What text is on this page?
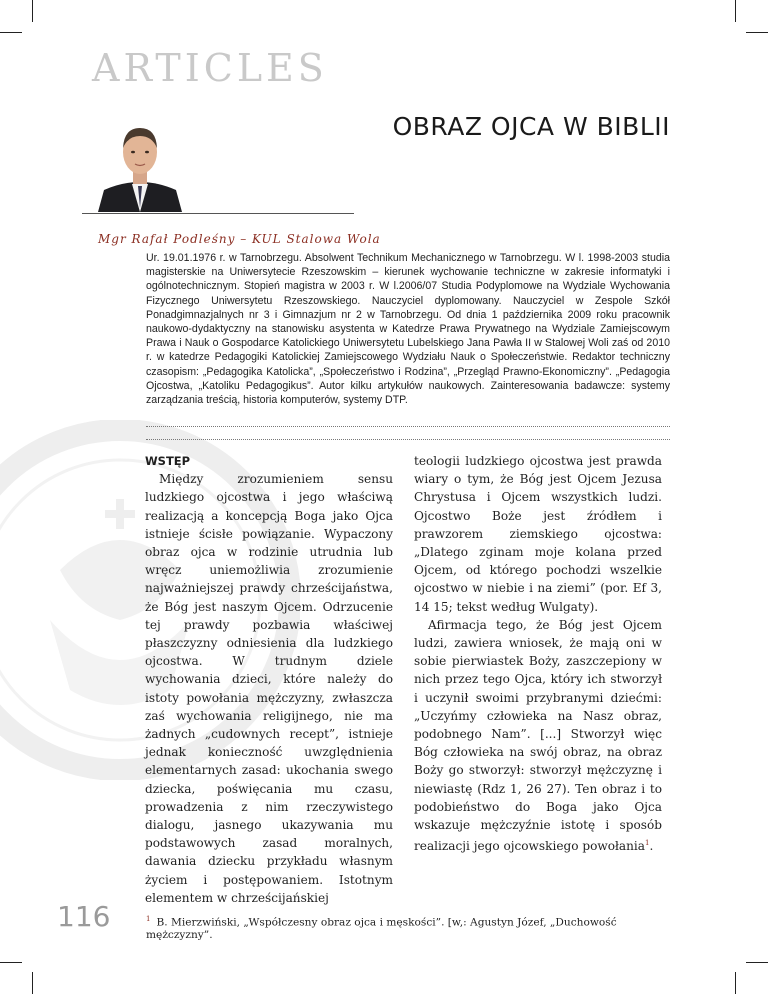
ARTICLES
OBRAZ OJCA W BIBLII
Mgr Rafał Podleśny – KUL Stalowa Wola
Ur. 19.01.1976 r. w Tarnobrzegu. Absolwent Technikum Mechanicznego w Tarnobrzegu. W l. 1998-2003 studia magisterskie na Uniwersytecie Rzeszowskim – kierunek wychowanie techniczne w zakresie informatyki i ogólnotechnicznym. Stopień magistra w 2003 r. W l.2006/07 Studia Podyplomowe na Wydziale Wychowania Fizycznego Uniwersytetu Rzeszowskiego. Nauczyciel dyplomowany. Nauczyciel w Zespole Szkół Ponadgimnazjalnych nr 3 i Gimnazjum nr 2 w Tarnobrzegu. Od dnia 1 października 2009 roku pracownik naukowo-dydaktyczny na stanowisku asystenta w Katedrze Prawa Prywatnego na Wydziale Zamiejscowym Prawa i Nauk o Gospodarce Katolickiego Uniwersytetu Lubelskiego Jana Pawła II w Stalowej Woli zaś od 2010 r. w katedrze Pedagogiki Katolickiej Zamiejscowego Wydziału Nauk o Społeczeństwie. Redaktor techniczny czasopism: „Pedagogika Katolicka”, „Społeczeństwo i Rodzina”, „Przegląd Prawno-Ekonomiczny”. „Pedagogia Ojcostwa, „Katoliku Pedagogikus”. Autor kilku artykułów naukowych. Zainteresowania badawcze: systemy zarządzania treścią, historia komputerów, systemy DTP.
WSTĘP

Między zrozumieniem sensu ludzkiego ojcostwa i jego właściwą realizacją a koncepcją Boga jako Ojca istnieje ścisłe powiązanie. Wypaczony obraz ojca w rodzinie utrudnia lub wręcz uniemożliwia zrozumienie najważniejszej prawdy chrześcijaństwa, że Bóg jest naszym Ojcem. Odrzucenie tej prawdy pozbawia właściwej płaszczyzny odniesienia dla ludzkiego ojcostwa. W trudnym dziele wychowania dzieci, które należy do istoty powołania mężczyzny, zwłaszcza zaś wychowania religijnego, nie ma żadnych „cudownych recept”, istnieje jednak konieczność uwzględnienia elementarnych zasad: ukochania swego dziecka, poświęcania mu czasu, prowadzenia z nim rzeczywistego dialogu, jasnego ukazywania mu podstawowych zasad moralnych, dawania dziecku przykładu własnym życiem i postępowaniem. Istotnym elementem w chrześcijańskiej

teologii ludzkiego ojcostwa jest prawda wiary o tym, że Bóg jest Ojcem Jezusa Chrystusa i Ojcem wszystkich ludzi. Ojcostwo Boże jest źródłem i prawzorem ziemskiego ojcostwa: „Dlatego zginam moje kolana przed Ojcem, od którego pochodzi wszelkie ojcostwo w niebie i na ziemi” (por. Ef 3, 14 15; tekst według Wulgaty).

Afirmacja tego, że Bóg jest Ojcem ludzi, zawiera wniosek, że mają oni w sobie pierwiastek Boży, zaszczepiony w nich przez tego Ojca, który ich stworzył i uczynił swoimi przybranymi dziećmi: „Uczyńmy człowieka na Nasz obraz, podobnego Nam”. [...] Stworzył więc Bóg człowieka na swój obraz, na obraz Boży go stworzył: stworzył mężczyznę i niewiastę (Rdz 1, 26 27). Ten obraz i to podobieństwo do Boga jako Ojca wskazuje mężczyźnie istotę i sposób realizacji jego ojcowskiego powołania$^1$.

116	$^1$ B. Mierzwiński, „Współczesny obraz ojca i męskości”. [w,: Agustyn Józef, „Duchowość mężczyzny”.
